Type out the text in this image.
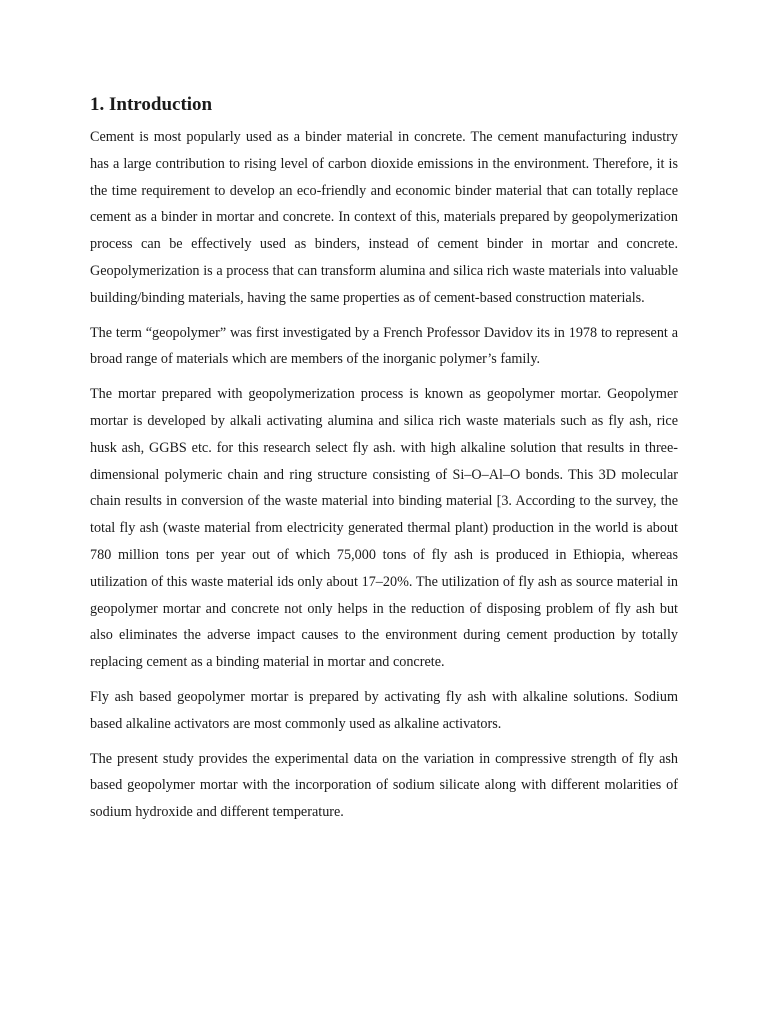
1. Introduction

Cement is most popularly used as a binder material in concrete. The cement manufacturing industry has a large contribution to rising level of carbon dioxide emissions in the environment. Therefore, it is the time requirement to develop an eco-friendly and economic binder material that can totally replace cement as a binder in mortar and concrete. In context of this, materials prepared by geopolymerization process can be effectively used as binders, instead of cement binder in mortar and concrete. Geopolymerization is a process that can transform alumina and silica rich waste materials into valuable building/binding materials, having the same properties as of cement-based construction materials.

The term “geopolymer” was first investigated by a French Professor Davidov its in 1978 to represent a broad range of materials which are members of the inorganic polymer’s family.

The mortar prepared with geopolymerization process is known as geopolymer mortar. Geopolymer mortar is developed by alkali activating alumina and silica rich waste materials such as fly ash, rice husk ash, GGBS etc. for this research select fly ash. with high alkaline solution that results in three-dimensional polymeric chain and ring structure consisting of Si–O–Al–O bonds. This 3D molecular chain results in conversion of the waste material into binding material [3. According to the survey, the total fly ash (waste material from electricity generated thermal plant) production in the world is about 780 million tons per year out of which 75,000 tons of fly ash is produced in Ethiopia, whereas utilization of this waste material ids only about 17–20%. The utilization of fly ash as source material in geopolymer mortar and concrete not only helps in the reduction of disposing problem of fly ash but also eliminates the adverse impact causes to the environment during cement production by totally replacing cement as a binding material in mortar and concrete.

Fly ash based geopolymer mortar is prepared by activating fly ash with alkaline solutions. Sodium based alkaline activators are most commonly used as alkaline activators.

The present study provides the experimental data on the variation in compressive strength of fly ash based geopolymer mortar with the incorporation of sodium silicate along with different molarities of sodium hydroxide and different temperature.
